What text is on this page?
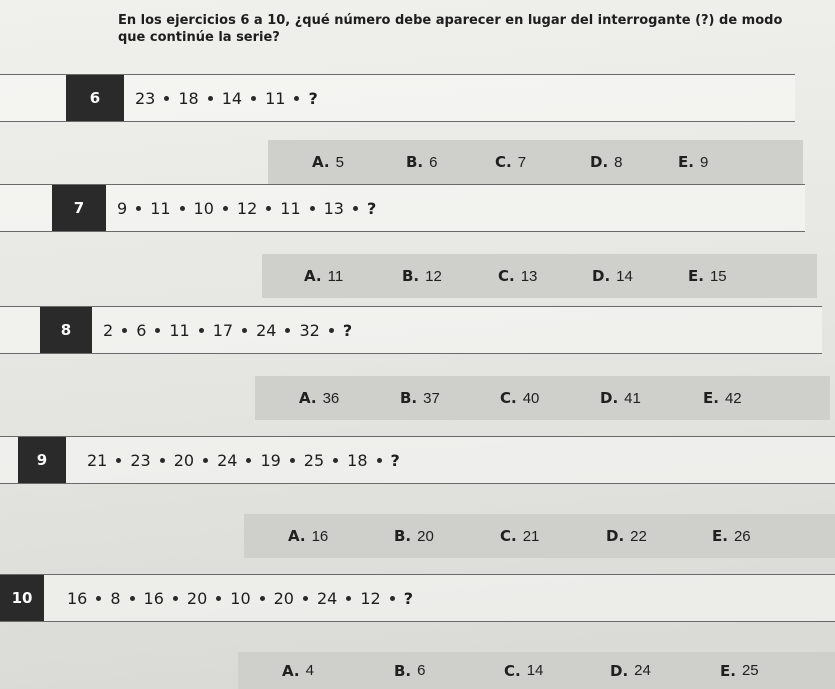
En los ejercicios 6 a 10, ¿qué número debe aparecer en lugar del interrogante (?) de modo que continúe la serie?
6	23 18 14 11 ?
A. 5	B. 6	C. 7	D. 8	E. 9
7	9 11 10 12 11 13 ?
A. 11	B. 12	C. 13	D. 14	E. 15
8	2 6 11 17 24 32 ?
A. 36	B. 37	C. 40	D. 41	E. 42
9	21 23 20 24 19 25 18 ?
A. 16	B. 20	C. 21	D. 22	E. 26
10	16 8 16 20 10 20 24 12 ?
A. 4	B. 6	C. 14	D. 24	E. 25
